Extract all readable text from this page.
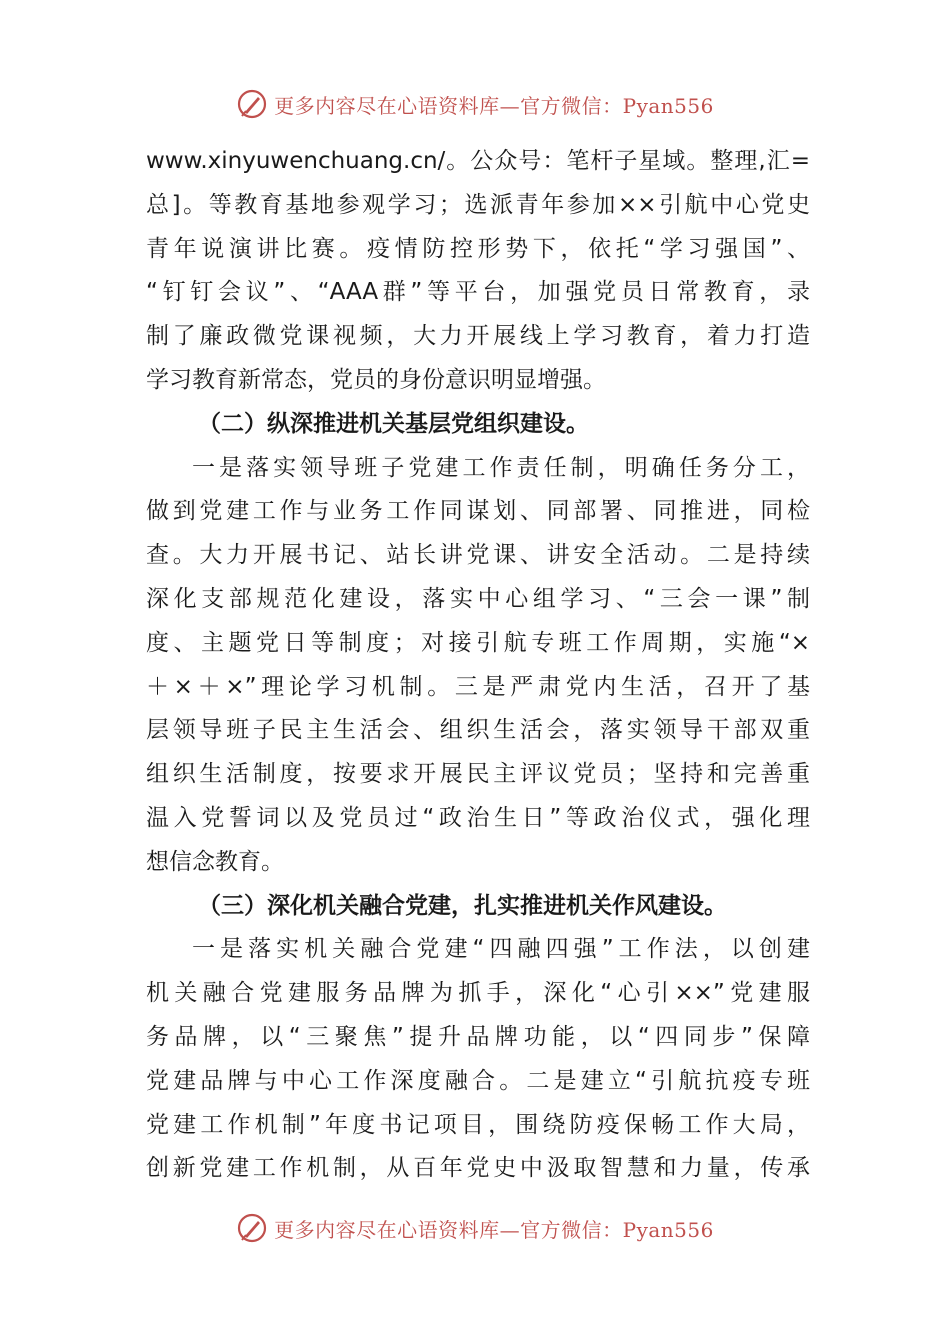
更多内容尽在心语资料库—官方微信：Pyan556
www.xinyuwenchuang.cn/。公众号：笔杆子星域。整理,汇=
总]。等教育基地参观学习；选派青年参加××引航中心党史
青年说演讲比赛。疫情防控形势下，依托“学习强国”、
“钉钉会议”、“AAA群”等平台，加强党员日常教育，录
制了廉政微党课视频，大力开展线上学习教育，着力打造
学习教育新常态，党员的身份意识明显增强。
（二）纵深推进机关基层党组织建设。
一是落实领导班子党建工作责任制，明确任务分工，
做到党建工作与业务工作同谋划、同部署、同推进，同检
查。大力开展书记、站长讲党课、讲安全活动。二是持续
深化支部规范化建设，落实中心组学习、“三会一课”制
度、主题党日等制度；对接引航专班工作周期，实施“×
＋×＋×”理论学习机制。三是严肃党内生活，召开了基
层领导班子民主生活会、组织生活会，落实领导干部双重
组织生活制度，按要求开展民主评议党员；坚持和完善重
温入党誓词以及党员过“政治生日”等政治仪式，强化理
想信念教育。
（三）深化机关融合党建，扎实推进机关作风建设。
一是落实机关融合党建“四融四强”工作法，以创建
机关融合党建服务品牌为抓手，深化“心引××”党建服
务品牌，以“三聚焦”提升品牌功能，以“四同步”保障
党建品牌与中心工作深度融合。二是建立“引航抗疫专班
党建工作机制”年度书记项目，围绕防疫保畅工作大局，
创新党建工作机制，从百年党史中汲取智慧和力量，传承
更多内容尽在心语资料库—官方微信：Pyan556
